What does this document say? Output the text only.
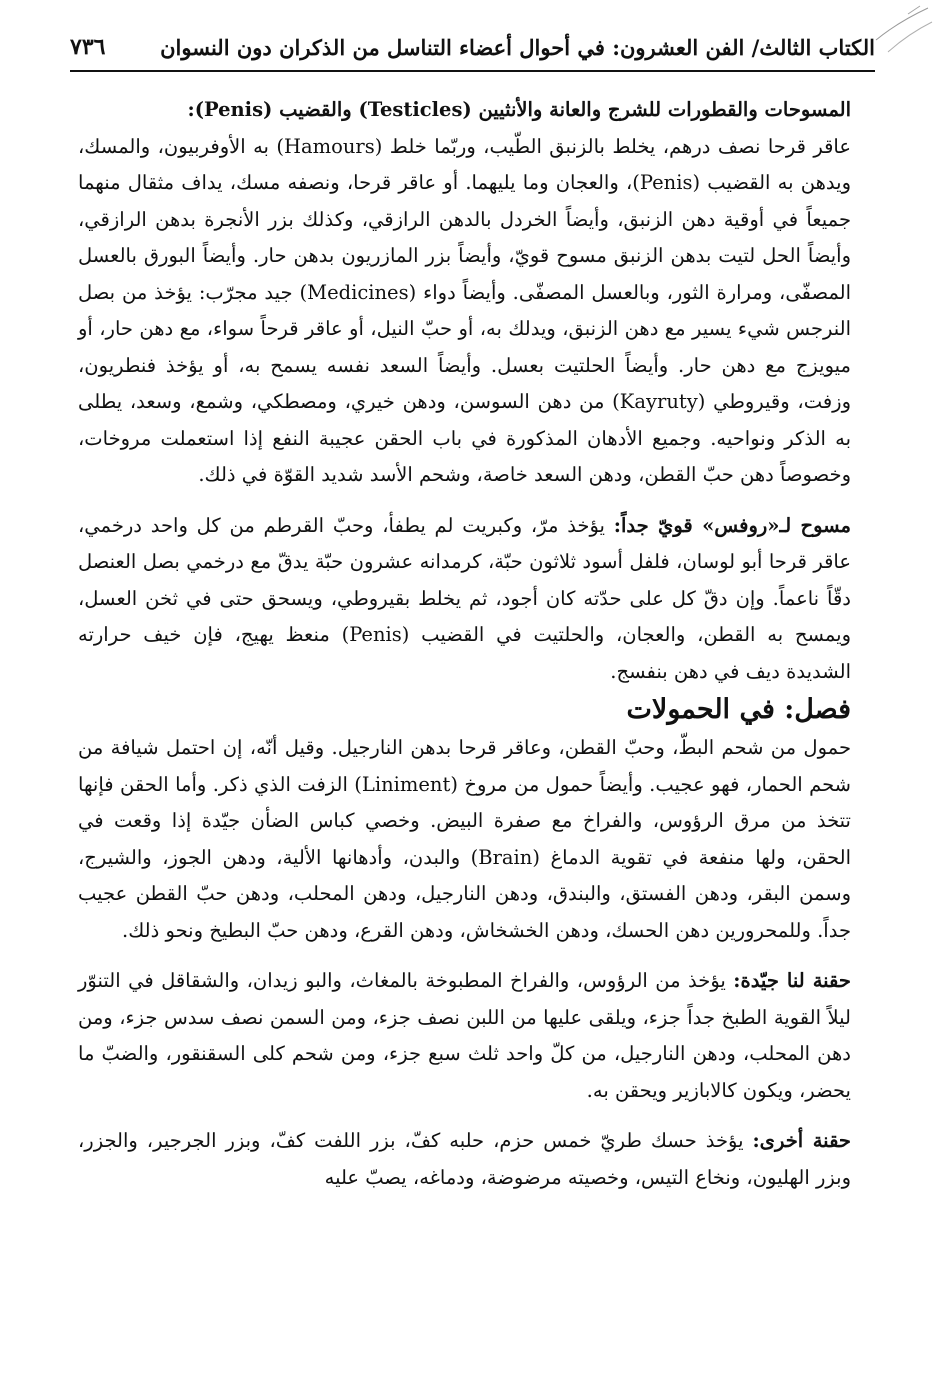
٧٣٦	الكتاب الثالث/ الفن العشرون: في أحوال أعضاء التناسل من الذكران دون النسوان

المسوحات والقطورات للشرج والعانة والأنثيين (Testicles) والقضيب (Penis):

عاقر قرحا نصف درهم، يخلط بالزنبق الطّيب، وربّما خلط (Hamours) به الأوفربيون، والمسك، ويدهن به القضيب (Penis)، والعجان وما يليهما. أو عاقر قرحا، ونصفه مسك، يداف مثقال منهما جميعاً في أوقية دهن الزنبق، وأيضاً الخردل بالدهن الرازقي، وكذلك بزر الأنجرة بدهن الرازقي، وأيضاً الحل لتيت بدهن الزنبق مسوح قويّ، وأيضاً بزر المازريون بدهن حار. وأيضاً البورق بالعسل المصفّى، ومرارة الثور، وبالعسل المصفّى. وأيضاً دواء (Medicines) جيد مجرّب: يؤخذ من بصل النرجس شيء يسير مع دهن الزنبق، ويدلك به، أو حبّ النيل، أو عاقر قرحاً سواء، مع دهن حار، أو ميويزج مع دهن حار. وأيضاً الحلتيت بعسل. وأيضاً السعد نفسه يسمح به، أو يؤخذ فنطريون، وزفت، وقيروطي (Kayruty) من دهن السوسن، ودهن خيري، ومصطكي، وشمع، وسعد، يطلى به الذكر ونواحيه. وجميع الأدهان المذكورة في باب الحقن عجيبة النفع إذا استعملت مروخات، وخصوصاً دهن حبّ القطن، ودهن السعد خاصة، وشحم الأسد شديد القوّة في ذلك.

مسوح لـ«روفس» قويّ جداً: يؤخذ مرّ، وكبريت لم يطفأ، وحبّ القرطم من كل واحد درخمي، عاقر قرحا أبو لوسان، فلفل أسود ثلاثون حبّة، كرمدانه عشرون حبّة يدقّ مع درخمي بصل العنصل دقّاً ناعماً. وإن دقّ كل على حدّته كان أجود، ثم يخلط بقيروطي، ويسحق حتى في ثخن العسل، ويمسح به القطن، والعجان، والحلتيت في القضيب (Penis) منعظ يهيج، فإن خيف حرارته الشديدة ديف في دهن بنفسج.

فصل: في الحمولات

حمول من شحم البطّ، وحبّ القطن، وعاقر قرحا بدهن النارجيل. وقيل أنّه، إن احتمل شيافة من شحم الحمار، فهو عجيب. وأيضاً حمول من مروخ (Liniment) الزفت الذي ذكر. وأما الحقن فإنها تتخذ من مرق الرؤوس، والفراخ مع صفرة البيض. وخصي كباس الضأن جيّدة إذا وقعت في الحقن، ولها منفعة في تقوية الدماغ (Brain) والبدن، وأدهانها الألية، ودهن الجوز، والشيرج، وسمن البقر، ودهن الفستق، والبندق، ودهن النارجيل، ودهن المحلب، ودهن حبّ القطن عجيب جداً. وللمحرورين دهن الحسك، ودهن الخشخاش، ودهن القرع، ودهن حبّ البطيخ ونحو ذلك.

حقنة لنا جيّدة: يؤخذ من الرؤوس، والفراخ المطبوخة بالمغاث، والبو زيدان، والشقاقل في التنوّر ليلاً القوية الطبخ جداً جزء، ويلقى عليها من اللبن نصف جزء، ومن السمن نصف سدس جزء، ومن دهن المحلب، ودهن النارجيل، من كلّ واحد ثلث سبع جزء، ومن شحم كلى السقنقور، والضبّ ما يحضر، ويكون كالابازير ويحقن به.

حقنة أخرى: يؤخذ حسك طريّ خمس حزم، حلبه كفّ، بزر اللفت كفّ، وبزر الجرجير، والجزر، وبزر الهليون، ونخاع التيس، وخصيته مرضوضة، ودماغه، يصبّ عليه
